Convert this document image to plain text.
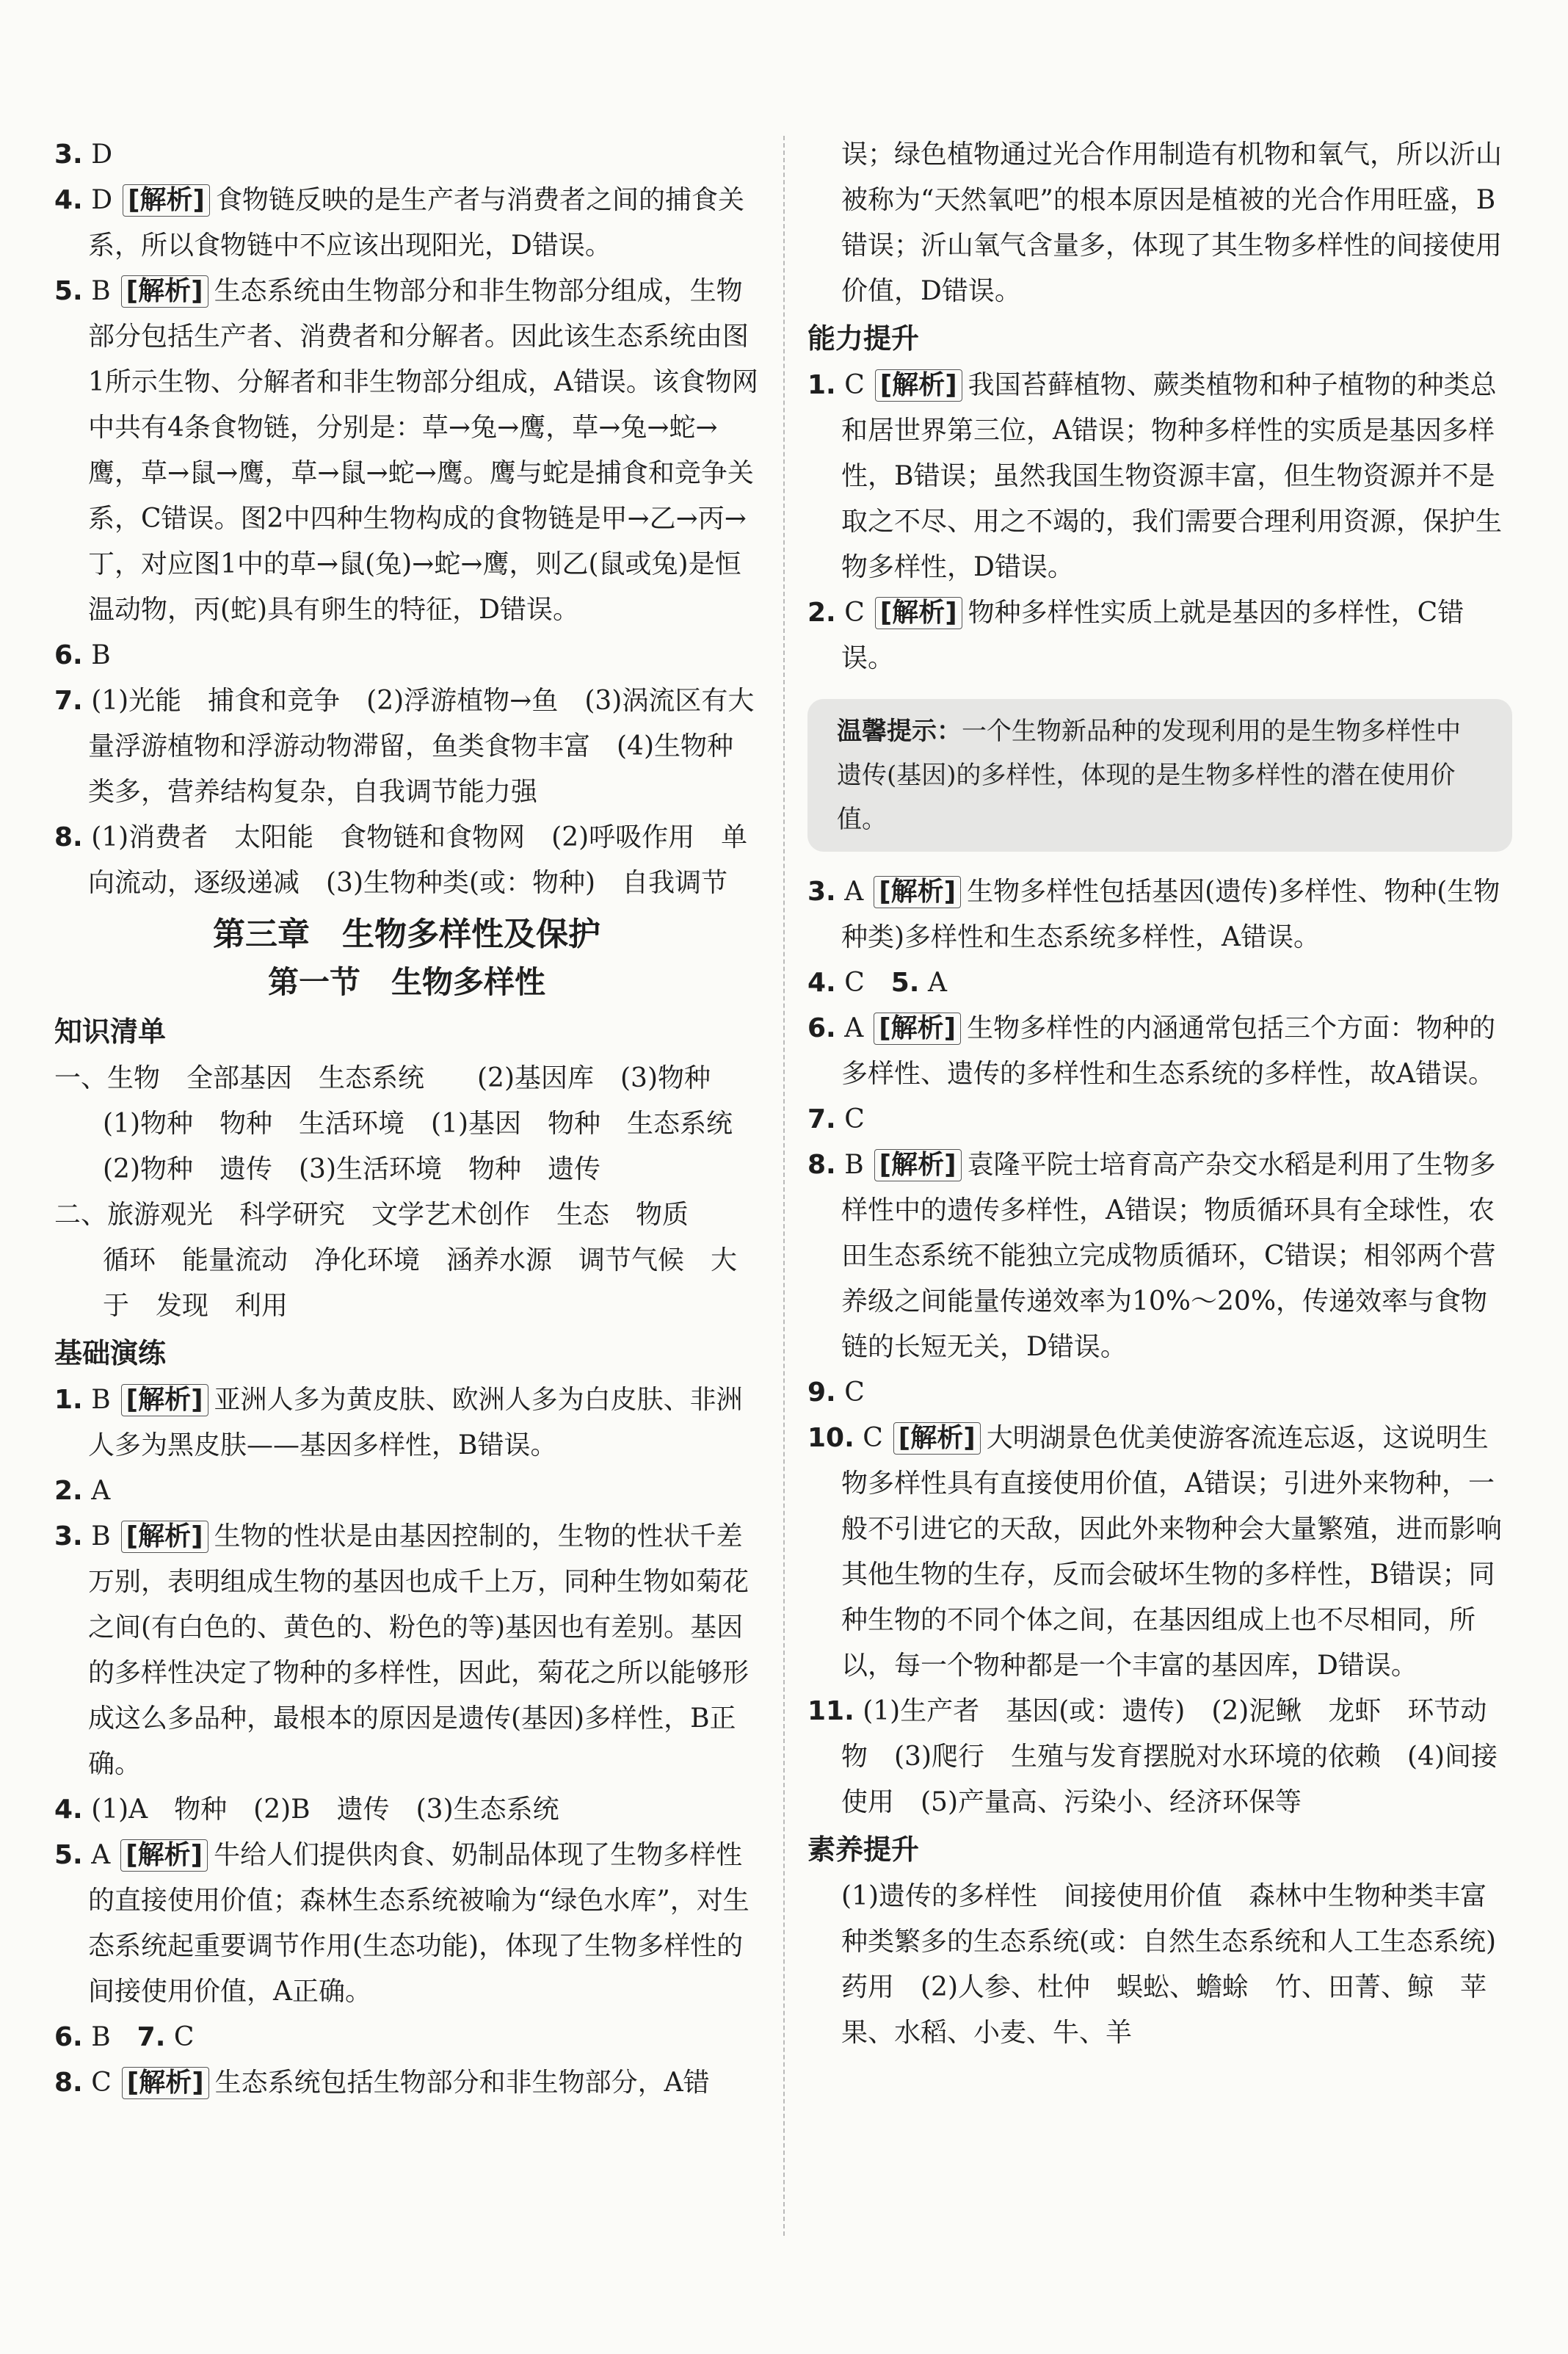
3. D

4. D [解析] 食物链反映的是生产者与消费者之间的捕食关系，所以食物链中不应该出现阳光，D错误。

5. B [解析] 生态系统由生物部分和非生物部分组成，生物部分包括生产者、消费者和分解者。因此该生态系统由图1所示生物、分解者和非生物部分组成，A错误。该食物网中共有4条食物链，分别是：草→兔→鹰，草→兔→蛇→鹰，草→鼠→鹰，草→鼠→蛇→鹰。鹰与蛇是捕食和竞争关系，C错误。图2中四种生物构成的食物链是甲→乙→丙→丁，对应图1中的草→鼠(兔)→蛇→鹰，则乙(鼠或兔)是恒温动物，丙(蛇)具有卵生的特征，D错误。

6. B

7. (1)光能　捕食和竞争　(2)浮游植物→鱼　(3)涡流区有大量浮游植物和浮游动物滞留，鱼类食物丰富　(4)生物种类多，营养结构复杂，自我调节能力强

8. (1)消费者　太阳能　食物链和食物网　(2)呼吸作用　单向流动，逐级递减　(3)生物种类(或：物种)　自我调节

第三章　生物多样性及保护
第一节　生物多样性
知识清单

一、生物　全部基因　生态系统　　(2)基因库　(3)物种
(1)物种　物种　生活环境　(1)基因　物种　生态系统　(2)物种　遗传　(3)生活环境　物种　遗传

二、旅游观光　科学研究　文学艺术创作　生态　物质
循环　能量流动　净化环境　涵养水源　调节气候　大于　发现　利用

基础演练

1. B [解析] 亚洲人多为黄皮肤、欧洲人多为白皮肤、非洲人多为黑皮肤——基因多样性，B错误。

2. A

3. B [解析] 生物的性状是由基因控制的，生物的性状千差万别，表明组成生物的基因也成千上万，同种生物如菊花之间(有白色的、黄色的、粉色的等)基因也有差别。基因的多样性决定了物种的多样性，因此，菊花之所以能够形成这么多品种，最根本的原因是遗传(基因)多样性，B正确。

4. (1)A　物种　(2)B　遗传　(3)生态系统

5. A [解析] 牛给人们提供肉食、奶制品体现了生物多样性的直接使用价值；森林生态系统被喻为“绿色水库”，对生态系统起重要调节作用(生态功能)，体现了生物多样性的间接使用价值，A正确。

6. B　 7. C

8. C [解析] 生态系统包括生物部分和非生物部分，A错

误；绿色植物通过光合作用制造有机物和氧气，所以沂山被称为“天然氧吧”的根本原因是植被的光合作用旺盛，B错误；沂山氧气含量多，体现了其生物多样性的间接使用价值，D错误。

能力提升

1. C [解析] 我国苔藓植物、蕨类植物和种子植物的种类总和居世界第三位，A错误；物种多样性的实质是基因多样性，B错误；虽然我国生物资源丰富，但生物资源并不是取之不尽、用之不竭的，我们需要合理利用资源，保护生物多样性，D错误。

2. C [解析] 物种多样性实质上就是基因的多样性，C错误。

温馨提示：一个生物新品种的发现利用的是生物多样性中遗传(基因)的多样性，体现的是生物多样性的潜在使用价值。

3. A [解析] 生物多样性包括基因(遗传)多样性、物种(生物种类)多样性和生态系统多样性，A错误。

4. C　 5. A

6. A [解析] 生物多样性的内涵通常包括三个方面：物种的多样性、遗传的多样性和生态系统的多样性，故A错误。

7. C

8. B [解析] 袁隆平院士培育高产杂交水稻是利用了生物多样性中的遗传多样性，A错误；物质循环具有全球性，农田生态系统不能独立完成物质循环，C错误；相邻两个营养级之间能量传递效率为10%～20%，传递效率与食物链的长短无关，D错误。

9. C

10. C [解析] 大明湖景色优美使游客流连忘返，这说明生物多样性具有直接使用价值，A错误；引进外来物种，一般不引进它的天敌，因此外来物种会大量繁殖，进而影响其他生物的生存，反而会破坏生物的多样性，B错误；同种生物的不同个体之间，在基因组成上也不尽相同，所以，每一个物种都是一个丰富的基因库，D错误。

11. (1)生产者　基因(或：遗传)　(2)泥鳅　龙虾　环节动物　(3)爬行　生殖与发育摆脱对水环境的依赖　(4)间接使用　(5)产量高、污染小、经济环保等

素养提升

(1)遗传的多样性　间接使用价值　森林中生物种类丰富　种类繁多的生态系统(或：自然生态系统和人工生态系统)　药用　(2)人参、杜仲　蜈蚣、蟾蜍　竹、田菁、鲸　苹果、水稻、小麦、牛、羊
